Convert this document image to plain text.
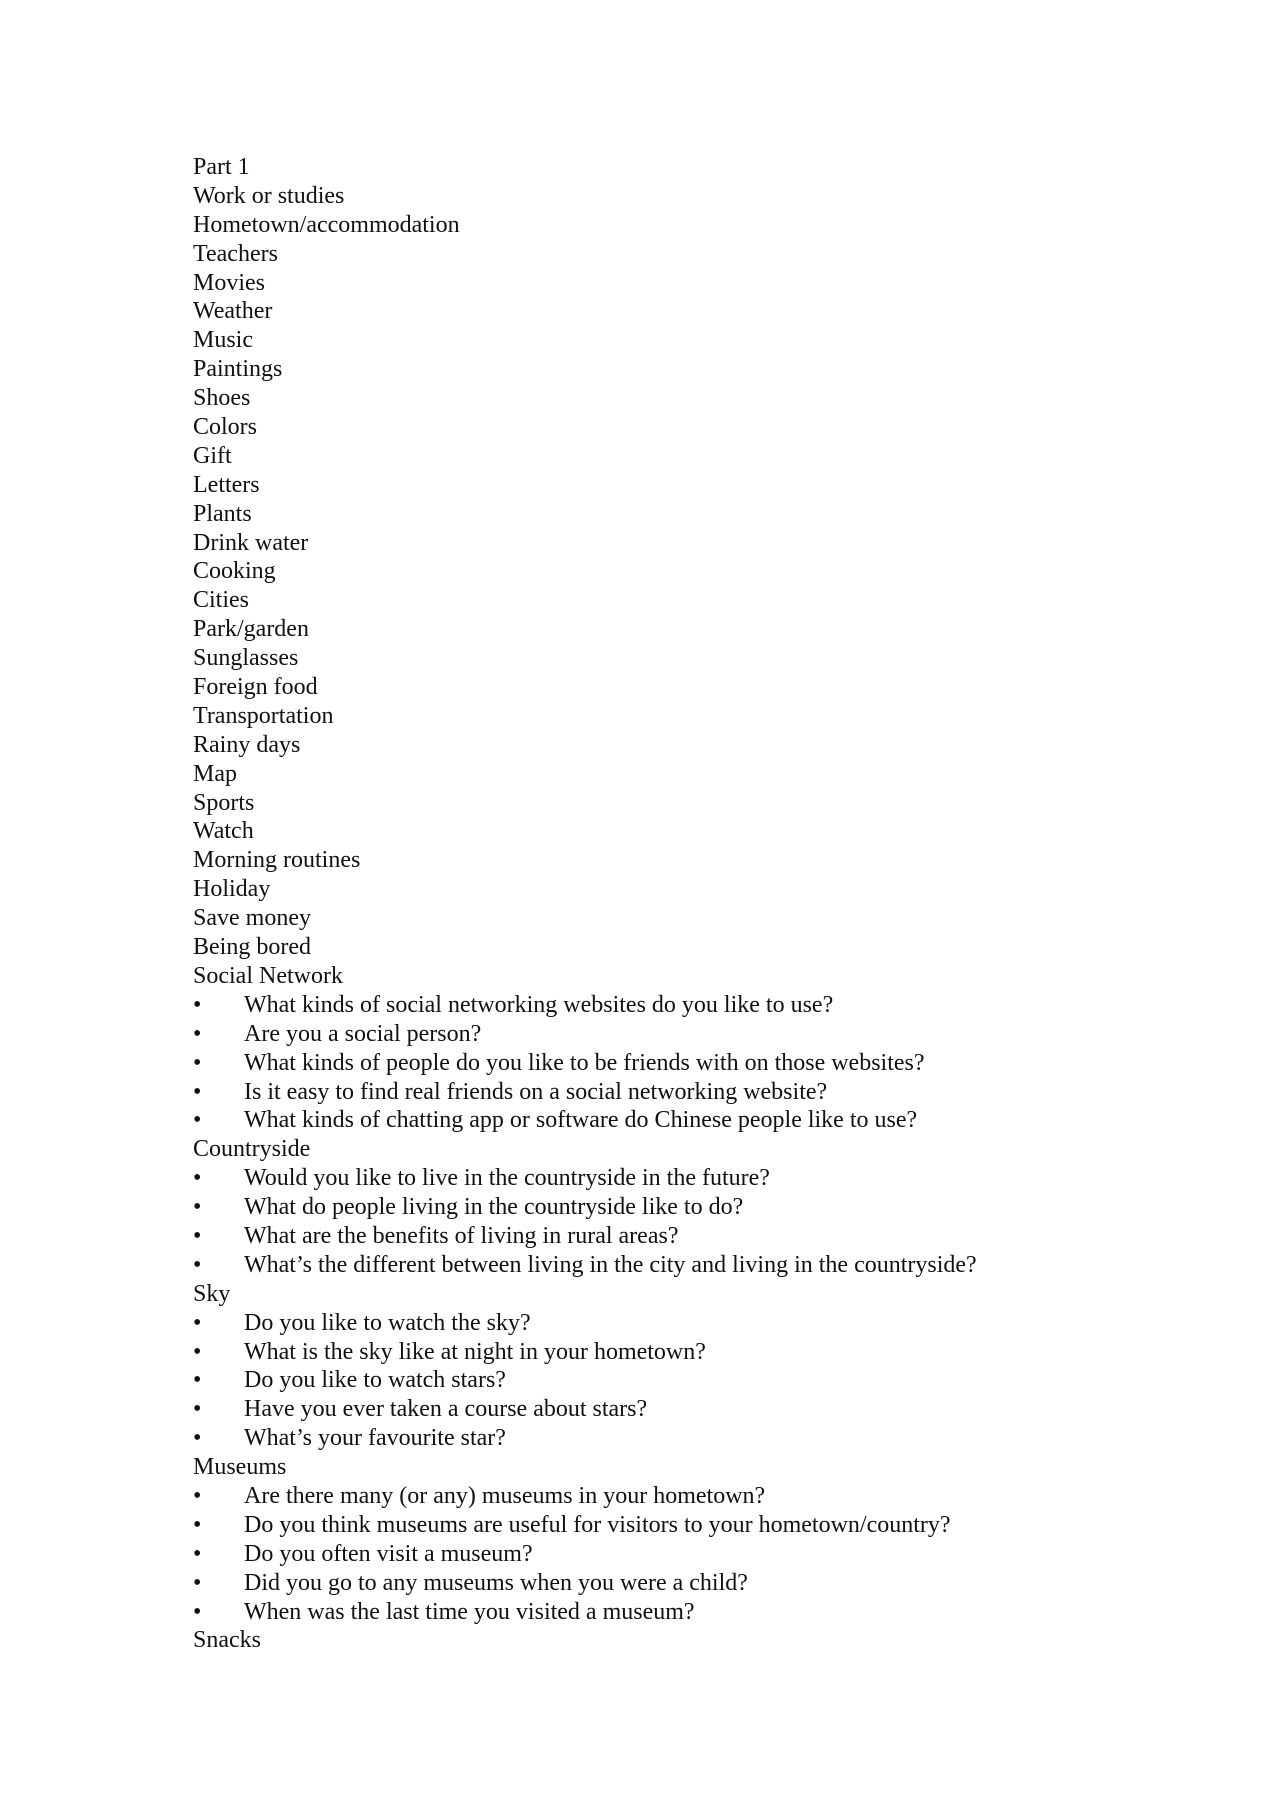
Part 1
Work or studies
Hometown/accommodation
Teachers
Movies
Weather
Music
Paintings
Shoes
Colors
Gift
Letters
Plants
Drink water
Cooking
Cities
Park/garden
Sunglasses
Foreign food
Transportation
Rainy days
Map
Sports
Watch
Morning routines
Holiday
Save money
Being bored
Social Network
• What kinds of social networking websites do you like to use?
• Are you a social person?
• What kinds of people do you like to be friends with on those websites?
• Is it easy to find real friends on a social networking website?
• What kinds of chatting app or software do Chinese people like to use?
Countryside
• Would you like to live in the countryside in the future?
• What do people living in the countryside like to do?
• What are the benefits of living in rural areas?
• What’s the different between living in the city and living in the countryside?
Sky
• Do you like to watch the sky?
• What is the sky like at night in your hometown?
• Do you like to watch stars?
• Have you ever taken a course about stars?
• What’s your favourite star?
Museums
• Are there many (or any) museums in your hometown?
• Do you think museums are useful for visitors to your hometown/country?
• Do you often visit a museum?
• Did you go to any museums when you were a child?
• When was the last time you visited a museum?
Snacks
